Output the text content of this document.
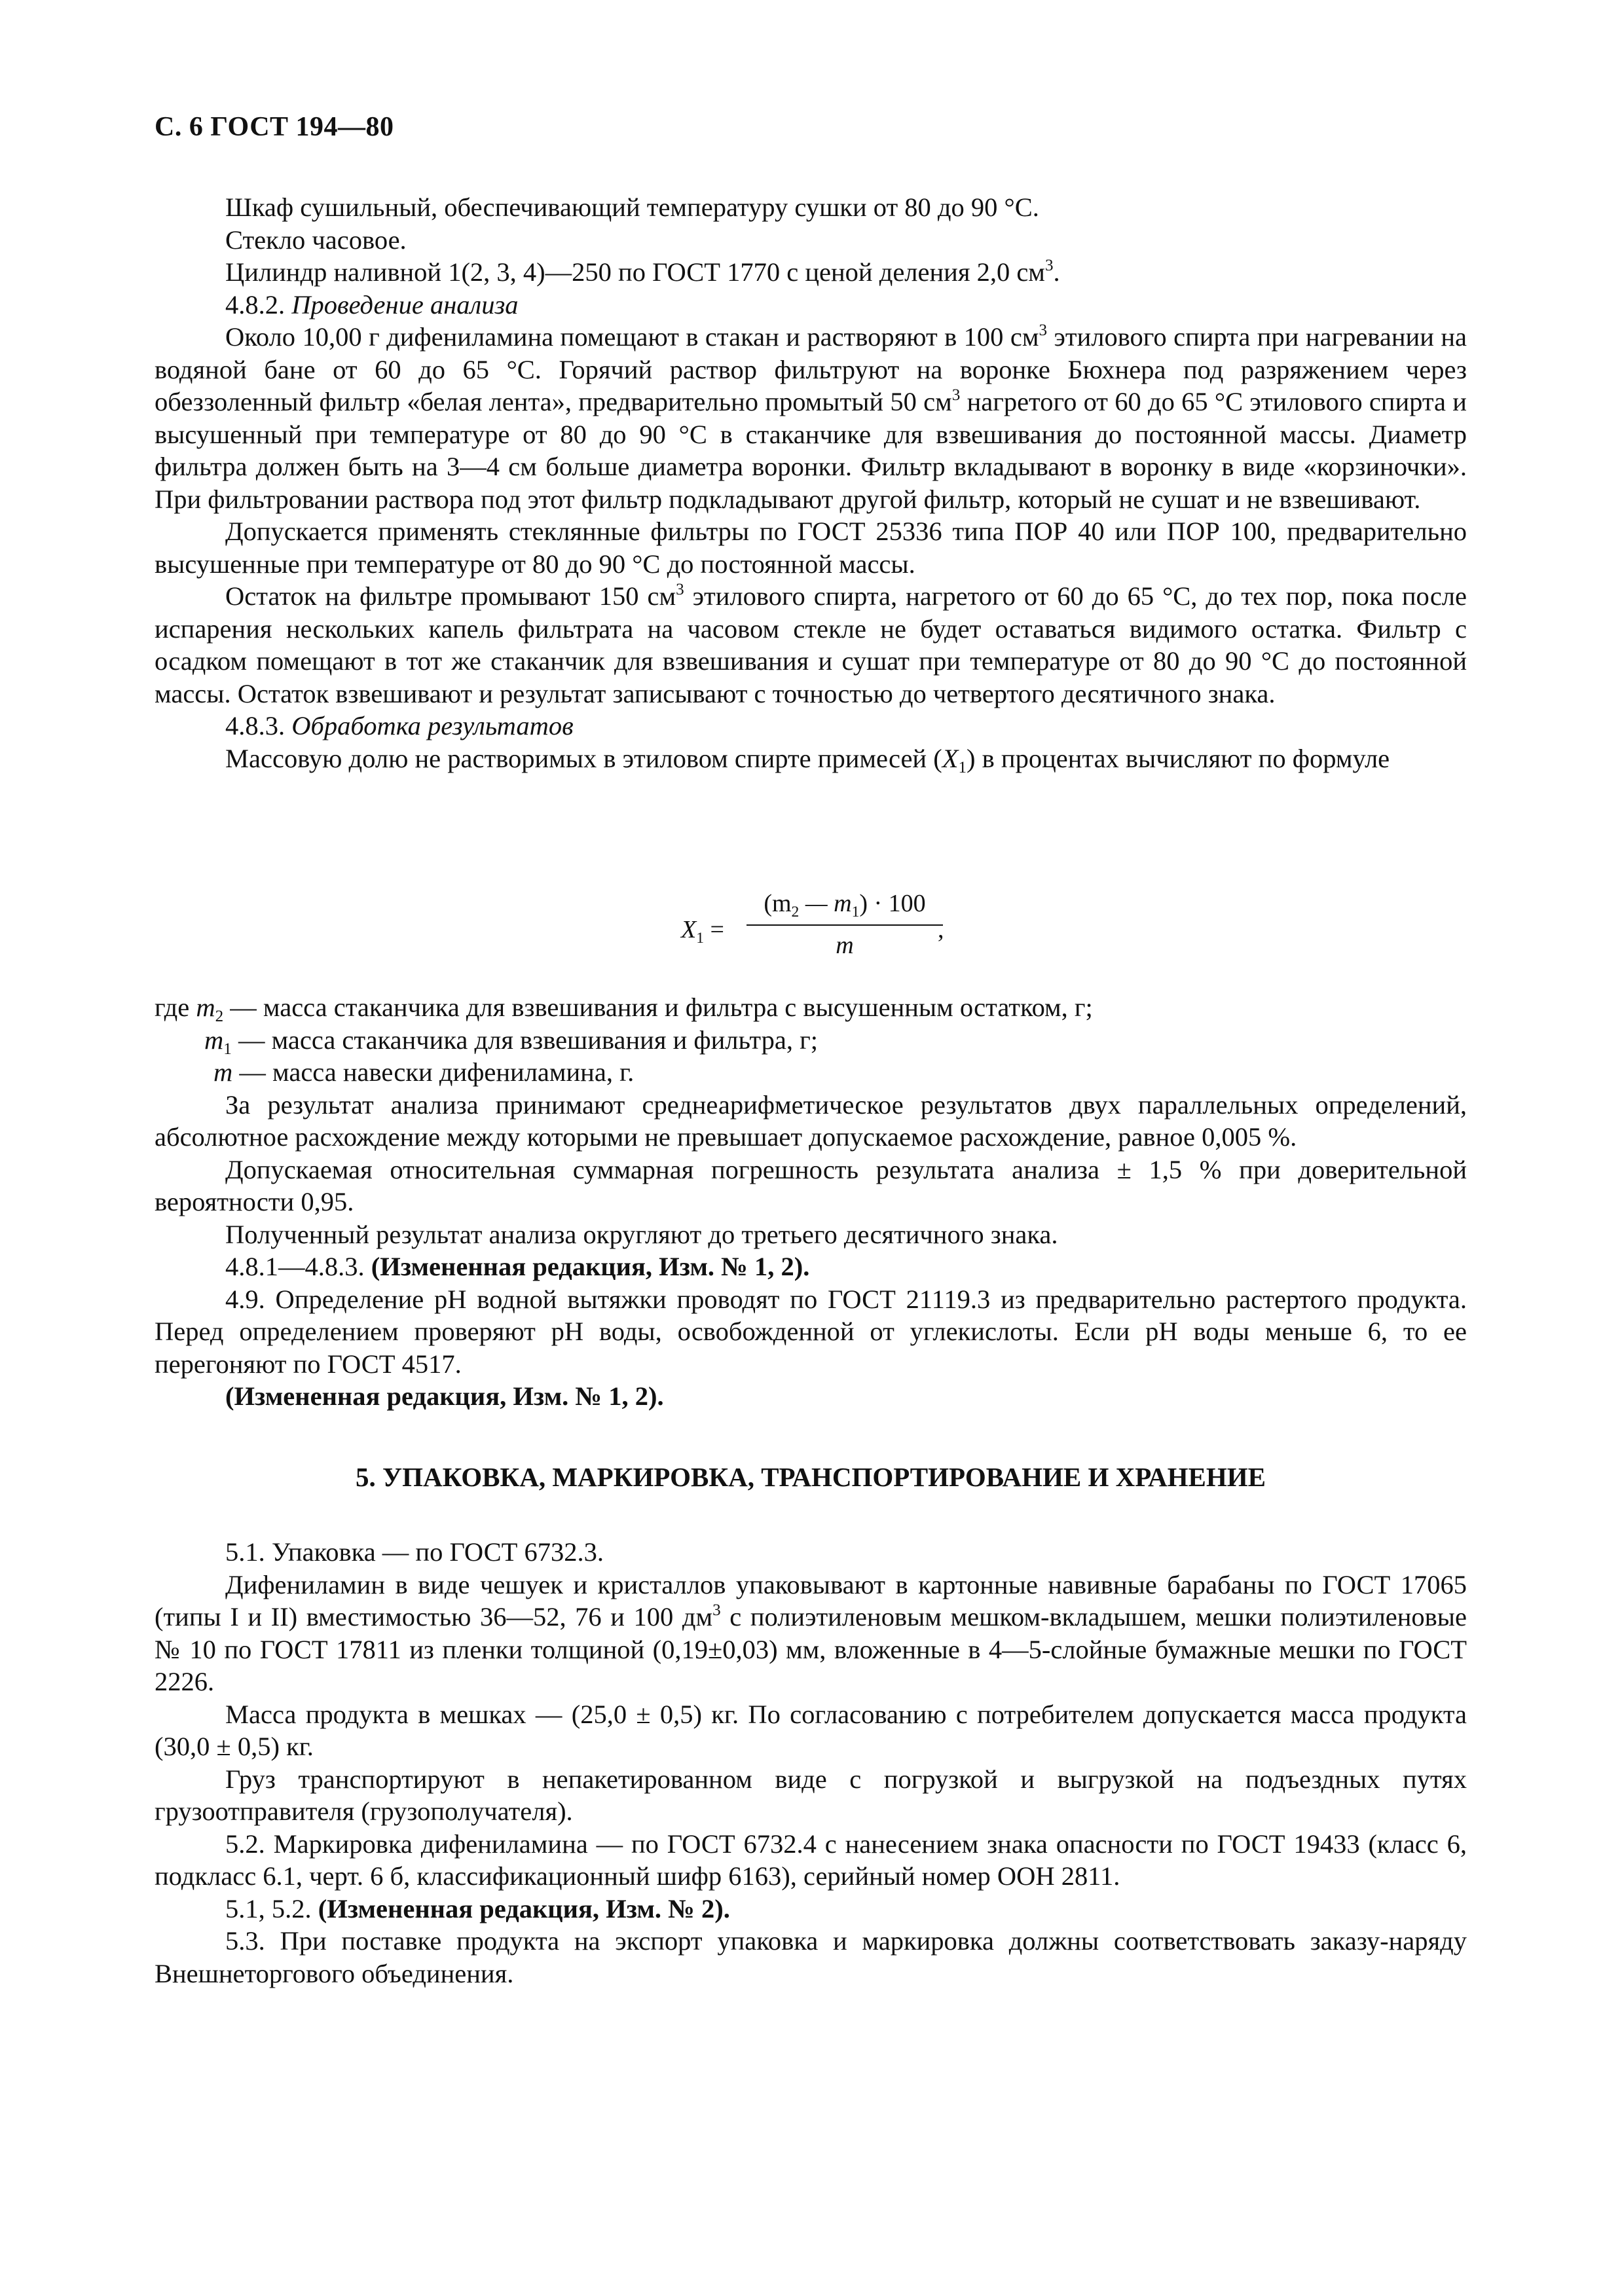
С. 6 ГОСТ 194—80

Шкаф сушильный, обеспечивающий температуру сушки от 80 до 90 °С.

Стекло часовое.

Цилиндр наливной 1(2, 3, 4)—250 по ГОСТ 1770 с ценой деления 2,0 $см^3$.

4.8.2. Проведение анализа

Около 10,00 г дифениламина помещают в стакан и растворяют в 100 $см^3$ этилового спирта при нагревании на водяной бане от 60 до 65 °С. Горячий раствор фильтруют на воронке Бюхнера под разряжением через обеззоленный фильтр «белая лента», предварительно промытый 50 $см^3$ нагретого от 60 до 65 °С этилового спирта и высушенный при температуре от 80 до 90 °С в стаканчике для взвешивания до постоянной массы. Диаметр фильтра должен быть на 3—4 см больше диаметра воронки. Фильтр вкладывают в воронку в виде «корзиночки». При фильтровании раствора под этот фильтр подкладывают другой фильтр, который не сушат и не взвешивают.

Допускается применять стеклянные фильтры по ГОСТ 25336 типа ПОР 40 или ПОР 100, предварительно высушенные при температуре от 80 до 90 °С до постоянной массы.

Остаток на фильтре промывают 150 $см^3$ этилового спирта, нагретого от 60 до 65 °С, до тех пор, пока после испарения нескольких капель фильтрата на часовом стекле не будет оставаться видимого остатка. Фильтр с осадком помещают в тот же стаканчик для взвешивания и сушат при температуре от 80 до 90 °С до постоянной массы. Остаток взвешивают и результат записывают с точностью до четвертого десятичного знака.

4.8.3. Обработка результатов

Массовую долю не растворимых в этиловом спирте примесей $(X_1)$ в процентах вычисляют по формуле

$X_1$ =
($m_2$ — $m_1) \cdot 100$
m
,

где $m_2$ — масса стаканчика для взвешивания и фильтра с высушенным остатком, г;

$m_1$ — масса стаканчика для взвешивания и фильтра, г;

m — масса навески дифениламина, г.

За результат анализа принимают среднеарифметическое результатов двух параллельных определений, абсолютное расхождение между которыми не превышает допускаемое расхождение, равное 0,005 %.

Допускаемая относительная суммарная погрешность результата анализа ± 1,5 % при доверительной вероятности 0,95.

Полученный результат анализа округляют до третьего десятичного знака.

4.8.1—4.8.3. (Измененная редакция, Изм. № 1, 2).

4.9. Определение pH водной вытяжки проводят по ГОСТ 21119.3 из предварительно растертого продукта. Перед определением проверяют pH воды, освобожденной от углекислоты. Если pH воды меньше 6, то ее перегоняют по ГОСТ 4517.

(Измененная редакция, Изм. № 1, 2).

5. УПАКОВКА, МАРКИРОВКА, ТРАНСПОРТИРОВАНИЕ И ХРАНЕНИЕ

5.1. Упаковка — по ГОСТ 6732.3.

Дифениламин в виде чешуек и кристаллов упаковывают в картонные навивные барабаны по ГОСТ 17065 (типы I и II) вместимостью 36—52, 76 и 100 $дм^3$ с полиэтиленовым мешком-вкладышем, мешки полиэтиленовые № 10 по ГОСТ 17811 из пленки толщиной (0,19±0,03) мм, вложенные в 4—5-слойные бумажные мешки по ГОСТ 2226.

Масса продукта в мешках — (25,0 ± 0,5) кг. По согласованию с потребителем допускается масса продукта (30,0 ± 0,5) кг.

Груз транспортируют в непакетированном виде с погрузкой и выгрузкой на подъездных путях грузоотправителя (грузополучателя).

5.2. Маркировка дифениламина — по ГОСТ 6732.4 с нанесением знака опасности по ГОСТ 19433 (класс 6, подкласс 6.1, черт. 6 б, классификационный шифр 6163), серийный номер ООН 2811.

5.1, 5.2. (Измененная редакция, Изм. № 2).

5.3. При поставке продукта на экспорт упаковка и маркировка должны соответствовать заказу-наряду Внешнеторгового объединения.
